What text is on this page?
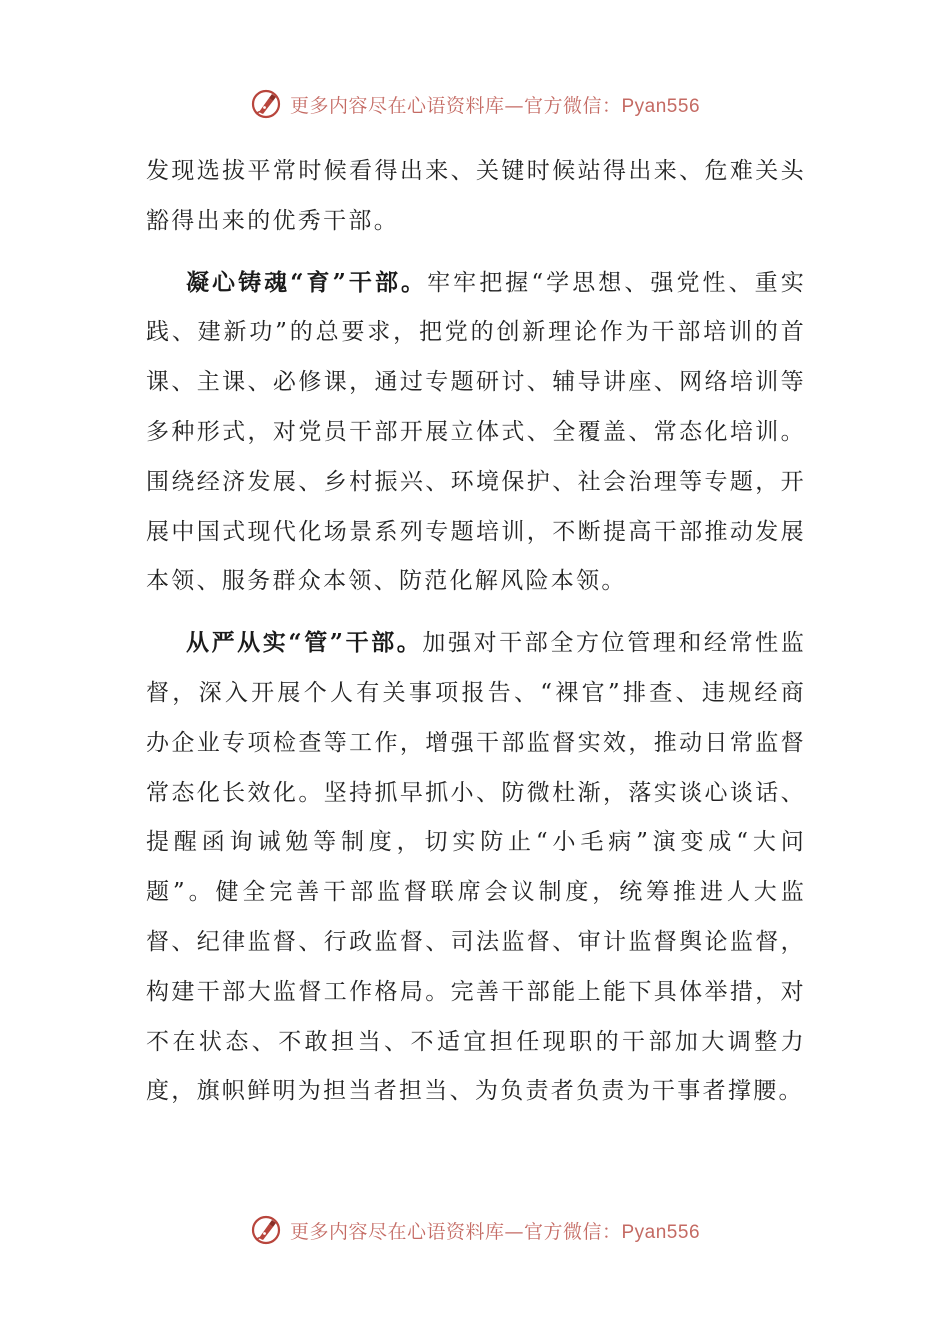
更多内容尽在心语资料库—官方微信：Pyan556

发现选拔平常时候看得出来、关键时候站得出来、危难关头豁得出来的优秀干部。

凝心铸魂“育”干部。牢牢把握“学思想、强党性、重实践、建新功”的总要求，把党的创新理论作为干部培训的首课、主课、必修课，通过专题研讨、辅导讲座、网络培训等多种形式，对党员干部开展立体式、全覆盖、常态化培训。围绕经济发展、乡村振兴、环境保护、社会治理等专题，开展中国式现代化场景系列专题培训，不断提高干部推动发展本领、服务群众本领、防范化解风险本领。

从严从实“管”干部。加强对干部全方位管理和经常性监督，深入开展个人有关事项报告、“裸官”排查、违规经商办企业专项检查等工作，增强干部监督实效，推动日常监督常态化长效化。坚持抓早抓小、防微杜渐，落实谈心谈话、提醒函询诫勉等制度，切实防止“小毛病”演变成“大问题”。健全完善干部监督联席会议制度，统筹推进人大监督、纪律监督、行政监督、司法监督、审计监督舆论监督，构建干部大监督工作格局。完善干部能上能下具体举措，对不在状态、不敢担当、不适宜担任现职的干部加大调整力度，旗帜鲜明为担当者担当、为负责者负责为干事者撑腰。

更多内容尽在心语资料库—官方微信：Pyan556
